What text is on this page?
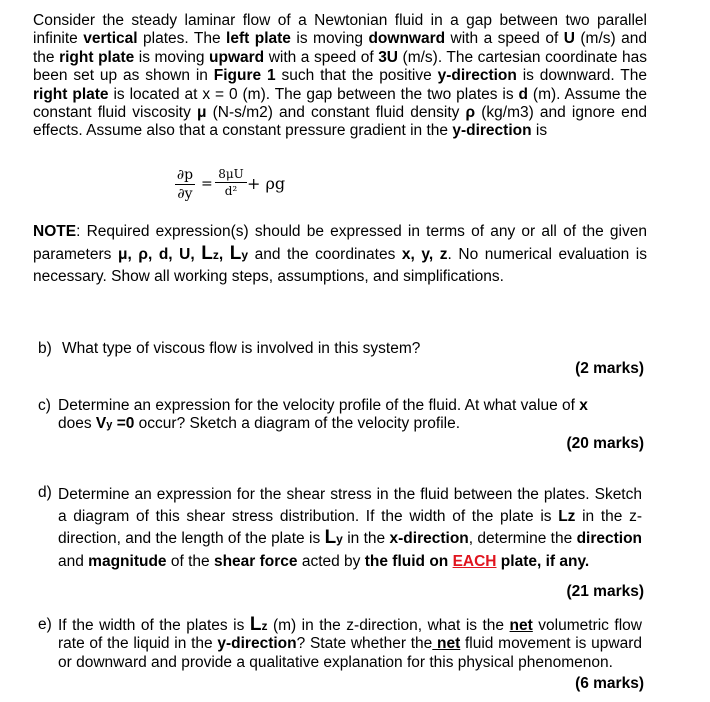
Consider the steady laminar flow of a Newtonian fluid in a gap between two parallel infinite vertical plates. The left plate is moving downward with a speed of U (m/s) and the right plate is moving upward with a speed of 3U (m/s). The cartesian coordinate has been set up as shown in Figure 1 such that the positive y-direction is downward. The right plate is located at x = 0 (m). The gap between the two plates is d (m). Assume the constant fluid viscosity μ (N-s/m2) and constant fluid density ρ (kg/m3) and ignore end effects. Assume also that a constant pressure gradient in the y-direction is
∂p
∂y
=
8μU
d² + ρg
NOTE: Required expression(s) should be expressed in terms of any or all of the given parameters μ, ρ, d, U, Lz, Ly and the coordinates x, y, z. No numerical evaluation is necessary. Show all working steps, assumptions, and simplifications.
b) What type of viscous flow is involved in this system?
(2 marks)
c) Determine an expression for the velocity profile of the fluid. At what value of x
does Vy =0 occur? Sketch a diagram of the velocity profile.
(20 marks)
d) Determine an expression for the shear stress in the fluid between the plates. Sketch a diagram of this shear stress distribution. If the width of the plate is Lz in the z-direction, and the length of the plate is Ly in the x-direction, determine the direction and magnitude of the shear force acted by the fluid on EACH plate, if any.
(21 marks)
e) If the width of the plates is Lz (m) in the z-direction, what is the net volumetric flow rate of the liquid in the y-direction? State whether the net fluid movement is upward or downward and provide a qualitative explanation for this physical phenomenon.
(6 marks)
